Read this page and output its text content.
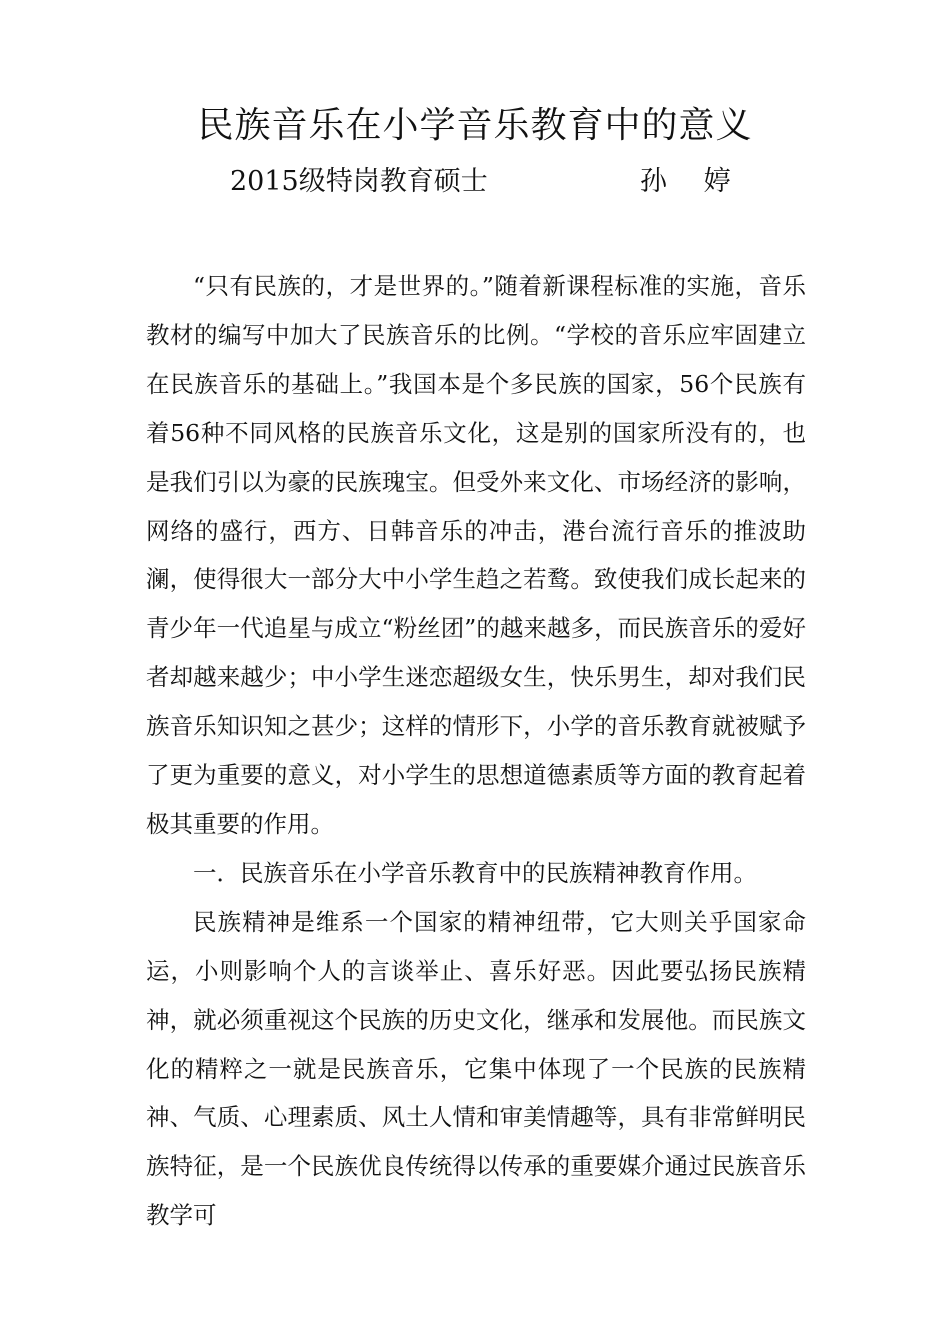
民族音乐在小学音乐教育中的意义
2015级特岗教育硕士	孙 婷

“只有民族的，才是世界的。”随着新课程标准的实施，音乐教材的编写中加大了民族音乐的比例。“学校的音乐应牢固建立在民族音乐的基础上。”我国本是个多民族的国家，56个民族有着56种不同风格的民族音乐文化，这是别的国家所没有的，也是我们引以为豪的民族瑰宝。但受外来文化、市场经济的影响，网络的盛行，西方、日韩音乐的冲击，港台流行音乐的推波助澜，使得很大一部分大中小学生趋之若鹜。致使我们成长起来的青少年一代追星与成立“粉丝团”的越来越多，而民族音乐的爱好者却越来越少；中小学生迷恋超级女生，快乐男生，却对我们民族音乐知识知之甚少；这样的情形下，小学的音乐教育就被赋予了更为重要的意义，对小学生的思想道德素质等方面的教育起着极其重要的作用。

一．民族音乐在小学音乐教育中的民族精神教育作用。

民族精神是维系一个国家的精神纽带，它大则关乎国家命运，小则影响个人的言谈举止、喜乐好恶。因此要弘扬民族精神，就必须重视这个民族的历史文化，继承和发展他。而民族文化的精粹之一就是民族音乐，它集中体现了一个民族的民族精神、气质、心理素质、风土人情和审美情趣等，具有非常鲜明民族特征，是一个民族优良传统得以传承的重要媒介通过民族音乐教学可
